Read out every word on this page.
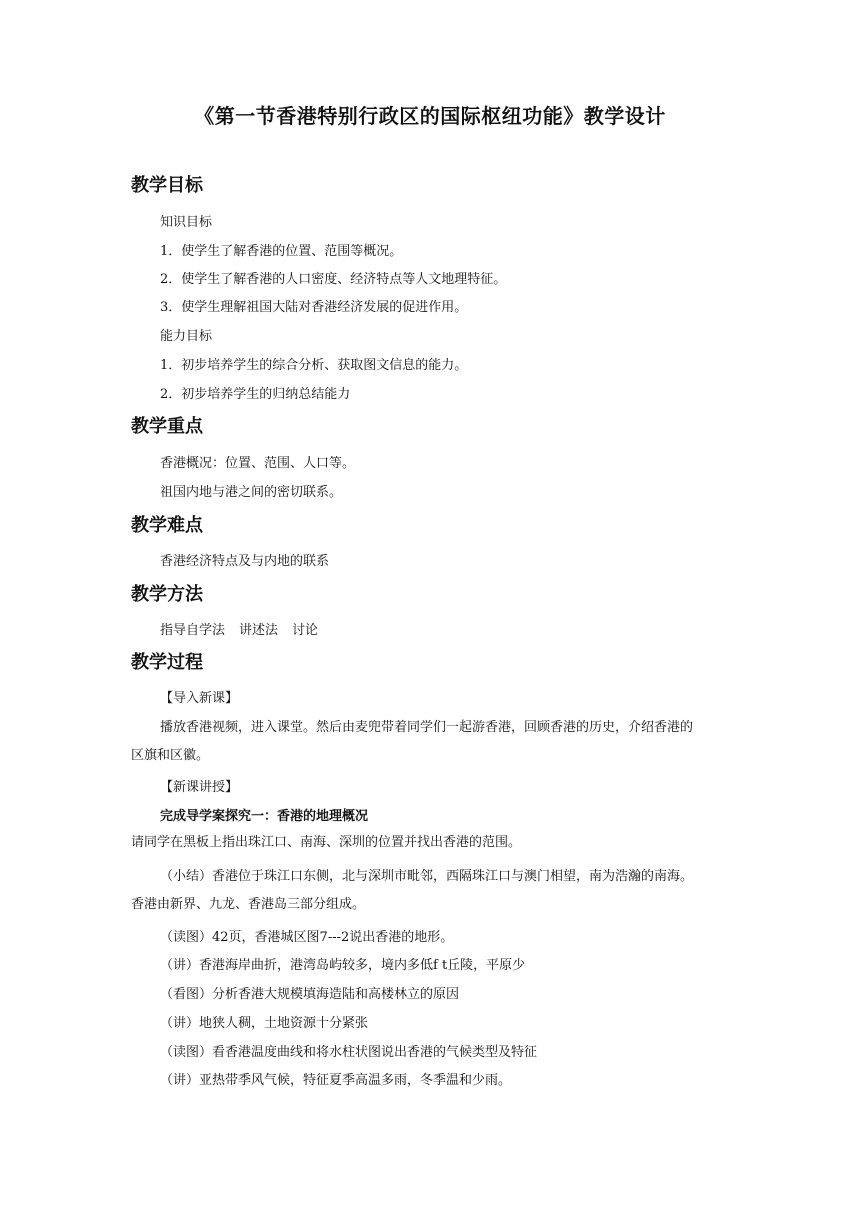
《第一节香港特别行政区的国际枢纽功能》教学设计
教学目标
知识目标
1．使学生了解香港的位置、范围等概况。
2．使学生了解香港的人口密度、经济特点等人文地理特征。
3．使学生理解祖国大陆对香港经济发展的促进作用。
能力目标
1．初步培养学生的综合分析、获取图文信息的能力。
2．初步培养学生的归纳总结能力
教学重点
香港概况：位置、范围、人口等。
祖国内地与港之间的密切联系。
教学难点
香港经济特点及与内地的联系
教学方法
指导自学法 讲述法 讨论
教学过程
【导入新课】
播放香港视频，进入课堂。然后由麦兜带着同学们一起游香港，回顾香港的历史，介绍香港的
区旗和区徽。
【新课讲授】
完成导学案探究一：香港的地理概况
请同学在黑板上指出珠江口、南海、深圳的位置并找出香港的范围。
（小结）香港位于珠江口东侧，北与深圳市毗邻，西隔珠江口与澳门相望，南为浩瀚的南海。
香港由新界、九龙、香港岛三部分组成。
（读图）42页，香港城区图7---2说出香港的地形。
（讲）香港海岸曲折，港湾岛屿较多，境内多低f t丘陵，平原少
（看图）分析香港大规模填海造陆和高楼林立的原因
（讲）地狭人稠，土地资源十分紧张
（读图）看香港温度曲线和将水柱状图说出香港的气候类型及特征
（讲）亚热带季风气候，特征夏季高温多雨，冬季温和少雨。
